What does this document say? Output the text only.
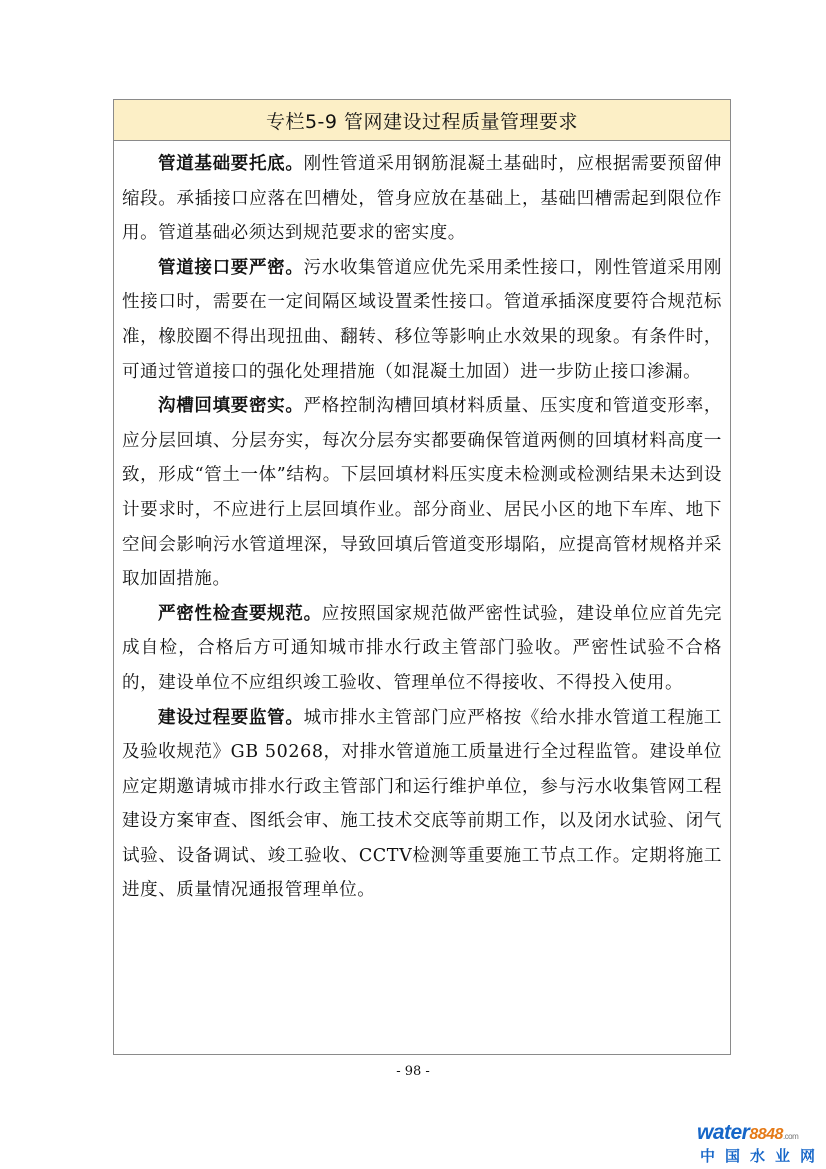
专栏5-9 管网建设过程质量管理要求

管道基础要托底。刚性管道采用钢筋混凝土基础时，应根据需要预留伸缩段。承插接口应落在凹槽处，管身应放在基础上，基础凹槽需起到限位作用。管道基础必须达到规范要求的密实度。

管道接口要严密。污水收集管道应优先采用柔性接口，刚性管道采用刚性接口时，需要在一定间隔区域设置柔性接口。管道承插深度要符合规范标准，橡胶圈不得出现扭曲、翻转、移位等影响止水效果的现象。有条件时，可通过管道接口的强化处理措施（如混凝土加固）进一步防止接口渗漏。

沟槽回填要密实。严格控制沟槽回填材料质量、压实度和管道变形率，应分层回填、分层夯实，每次分层夯实都要确保管道两侧的回填材料高度一致，形成“管土一体”结构。下层回填材料压实度未检测或检测结果未达到设计要求时，不应进行上层回填作业。部分商业、居民小区的地下车库、地下空间会影响污水管道埋深，导致回填后管道变形塌陷，应提高管材规格并采取加固措施。

严密性检查要规范。应按照国家规范做严密性试验，建设单位应首先完成自检，合格后方可通知城市排水行政主管部门验收。严密性试验不合格的，建设单位不应组织竣工验收、管理单位不得接收、不得投入使用。

建设过程要监管。城市排水主管部门应严格按《给水排水管道工程施工及验收规范》GB 50268，对排水管道施工质量进行全过程监管。建设单位应定期邀请城市排水行政主管部门和运行维护单位，参与污水收集管网工程建设方案审查、图纸会审、施工技术交底等前期工作，以及闭水试验、闭气试验、设备调试、竣工验收、CCTV检测等重要施工节点工作。定期将施工进度、质量情况通报管理单位。

- 98 -
water8848.com
中国水业网
